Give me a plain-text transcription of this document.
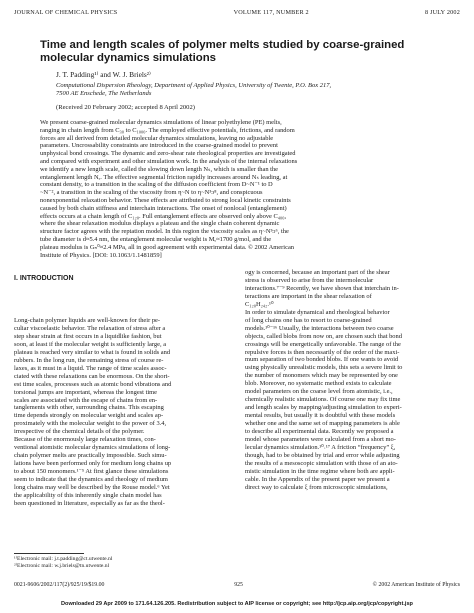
JOURNAL OF CHEMICAL PHYSICS	VOLUME 117, NUMBER 2	8 JULY 2002
Time and length scales of polymer melts studied by coarse-grained
molecular dynamics simulations
J. T. Padding¹⁾ and W. J. Briels²⁾
Computational Dispersion Rheology, Department of Applied Physics, University of Twente, P.O. Box 217,
7500 AE Enschede, The Netherlands
(Received 20 February 2002; accepted 8 April 2002)
We present coarse-grained molecular dynamics simulations of linear polyethylene (PE) melts,
ranging in chain length from C₃₀ to C₁₀₀₀. The employed effective potentials, frictions, and random
forces are all derived from detailed molecular dynamics simulations, leaving no adjustable
parameters. Uncrossability constraints are introduced in the coarse-grained model to prevent
unphysical bond crossings. The dynamic and zero-shear rate rheological properties are investigated
and compared with experiment and other simulation work. In the analysis of the internal relaxations
we identify a new length scale, called the slowing down length Nₛ, which is smaller than the
entanglement length Nₑ. The effective segmental friction rapidly increases around Nₛ leading, at
constant density, to a transition in the scaling of the diffusion coefficient from D~N⁻¹ to D
~N⁻², a transition in the scaling of the viscosity from η~N to η~N³ᴐ⁸, and conspicuous
nonexponential relaxation behavior. These effects are attributed to strong local kinetic constraints
caused by both chain stiffness and interchain interactions. The onset of nonlocal (entanglement)
effects occurs at a chain length of C₁₂₀. Full entanglement effects are observed only above C₄₀₀,
where the shear relaxation modulus displays a plateau and the single chain coherent dynamic
structure factor agrees with the reptation model. In this region the viscosity scales as η~N³ᴐ⁶, the
tube diameter is d≈5.4 nm, the entanglement molecular weight is Mₑ≈1700 g/mol, and the
plateau modulus is Gₙ⁰≈2.4 MPa, all in good agreement with experimental data. © 2002 American
Institute of Physics. [DOI: 10.1063/1.1481859]
I. INTRODUCTION
Long-chain polymer liquids are well-known for their pe-
culiar viscoelastic behavior. The relaxation of stress after a
step shear strain at first occurs in a liquidlike fashion, but
soon, at least if the molecular weight is sufficiently large, a
plateau is reached very similar to what is found in solids and
rubbers. In the long run, the remaining stress of course re-
laxes, as it must in a liquid. The range of time scales assoc-
ciated with these relaxations can be enormous. On the short-
est time scales, processes such as atomic bond vibrations and
torsional jumps are important, whereas the longest time
scales are associated with the escape of chains from en-
tanglements with other, surrounding chains. This escaping
time depends strongly on molecular weight and scales ap-
proximately with the molecular weight to the power of 3.4,
irrespective of the chemical details of the polymer.
Because of the enormously large relaxation times, con-
ventional atomistic molecular dynamics simulations of long-
chain polymer melts are practically impossible. Such simu-
lations have been performed only for medium long chains up
to about 150 monomers.¹⁻⁵ At first glance these simulations
seem to indicate that the dynamics and rheology of medium
long chains may well be described by the Rouse model.⁶ Yet
the applicability of this inherently single chain model has
been questioned in literature, especially as far as the theol-
ogy is concerned, because an important part of the shear
stress is observed to arise from the intermolecular
interactions.⁷⁻⁹ Recently, we have shown that interchain in-
teractions are important in the shear relaxation of
C₁₂₀H₂₄₂.¹⁰
In order to simulate dynamical and rheological behavior
of long chains one has to resort to coarse-grained
models.¹⁰⁻¹⁶ Usually, the interactions between two coarse
objects, called blobs from now on, are chosen such that bond
crossings will be energetically unfavorable. The range of the
repulsive forces is then necessarily of the order of the maxi-
mum separation of two bonded blobs. If one wants to avoid
using physically unrealistic models, this sets a severe limit to
the number of monomers which may be represented by one
blob. Moreover, no systematic method exists to calculate
model parameters on the coarse level from atomistic, i.e.,
chemically realistic simulations. Of course one may fix time
and length scales by mapping/adjusting simulation to experi-
mental results, but usually it is doubtful with these models
whether one and the same set of mapping parameters is able
to describe all experimental data. Recently we proposed a
model whose parameters were calculated from a short mo-
lecular dynamics simulation.¹⁰˒¹⁷ A friction “frequency” ξ,
though, had to be obtained by trial and error while adjusting
the results of a mesoscopic simulation with those of an ato-
mistic simulation in the time regime where both are appli-
cable. In the Appendix of the present paper we present a
direct way to calculate ξ from microscopic simulations,
¹⁾Electronic mail: j.t.padding@ct.utwente.nl
²⁾Electronic mail: w.j.briels@tn.utwente.nl
0021-9606/2002/117(2)/925/19/$19.00	925	© 2002 American Institute of Physics
Downloaded 29 Apr 2009 to 171.64.126.205. Redistribution subject to AIP license or copyright; see http://jcp.aip.org/jcp/copyright.jsp
